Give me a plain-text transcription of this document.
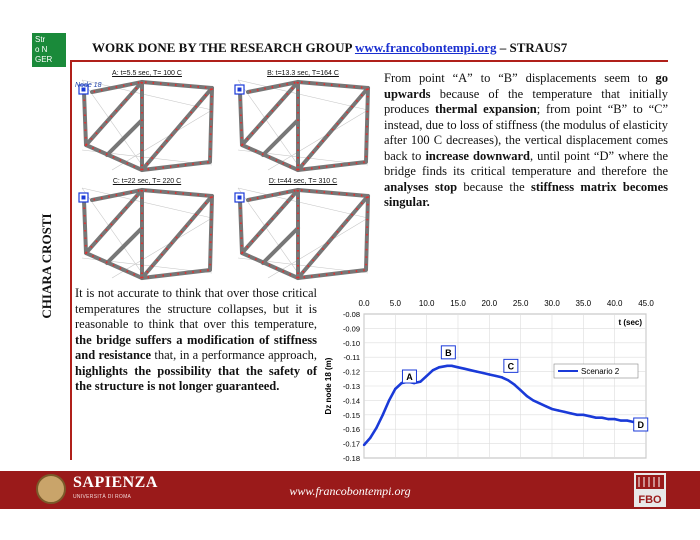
Str
o N
GER
WORK DONE BY THE RESEARCH GROUP www.francobontempi.org – STRAUS7
CHIARA CROSTI
A: t=5.5 sec, T= 100 C	B: t=13.3 sec, T=164 C
C: t=22 sec, T= 220 C	D: t=44 sec, T= 310 C
Node 18
From point “A” to “B” displacements seem to go upwards because of the temperature that initially produces thermal expansion; from point “B” to “C” instead, due to loss of stiffness (the modulus of elasticity after 100 C decreases), the vertical displacement comes back to increase downward, until point “D” where the bridge finds its critical temperature and therefore the analyses stop because the stiffness matrix becomes singular.
It is not accurate to think that over those critical temperatures the structure collapses, but it is reasonable to think that over this temperature, the bridge suffers a modification of stiffness and resistance that, in a performance approach, highlights the possibility that the safety of the structure is not longer guaranteed.
0.0	5.0 10.0 15.0 20.0 25.0 30.0 35.0 40.0 45.0
-0.08
-0.09
-0.10
-0.11
-0.12
-0.13
-0.14
-0.15
-0.16
-0.17
-0.18
t (sec)
Dz node 18 (m)	A
B
C
D
Scenario 2
SAPIENZA
UNIVERSITÀ DI ROMA	www.francobontempi.org
FBO
